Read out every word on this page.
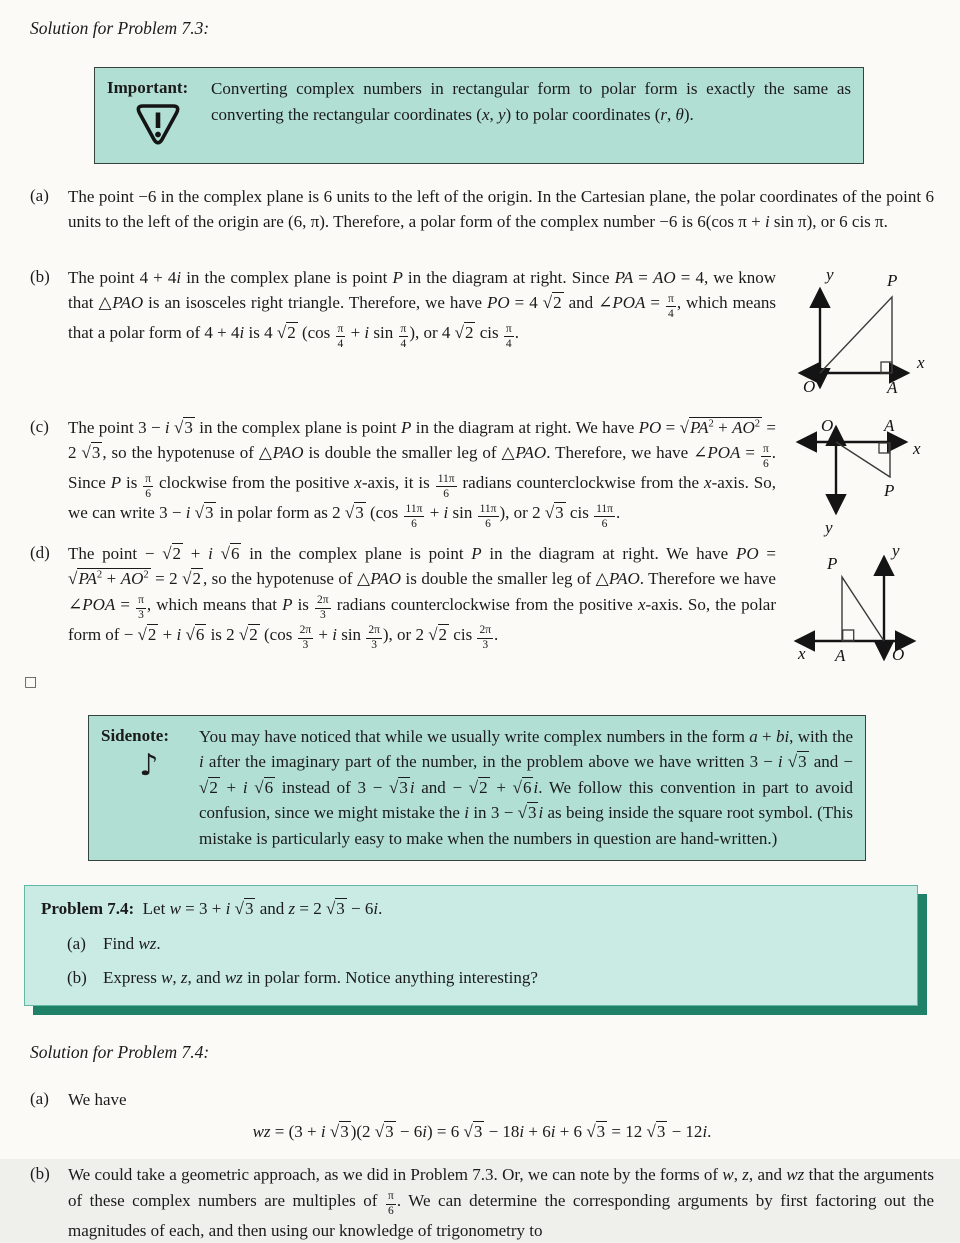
Solution for Problem 7.3:
Important:	Converting complex numbers in rectangular form to polar form is exactly the same as converting the rectangular coordinates (x, y) to polar coordinates (r, θ).
(a)	The point −6 in the complex plane is 6 units to the left of the origin. In the Cartesian plane, the polar coordinates of the point 6 units to the left of the origin are (6, π). Therefore, a polar form of the complex number −6 is 6(cos π + i sin π), or 6 cis π.
(b)	The point 4 + 4i in the complex plane is point P in the diagram at right. Since PA = AO = 4, we know that △PAO is an isosceles right triangle. Therefore, we have PO = 4 √2 and ∠POA = $\frac{\pi}{4}$ , which means that a polar form of 4 + 4i is 4 √2 ($\cos \frac{\pi}{4} + i$ $\sin \frac{\pi}{4}$ ), or 4 √2 cis $\frac{\pi}{4}$ .
y
x
O	A
P
(c)	The point 3 − i √3 in the complex plane is point P in the diagram at right. We have PO = $√PA^2 + AO^2 = 2$ √3 , so the hypotenuse of △PAO is double the smaller leg of △PAO. Therefore, we have ∠POA = $\frac{\pi}{6}$ . Since P is $\frac{\pi}{6}$ clockwise from the positive x-axis, it is $\frac{11\pi}{6}$ radians counterclockwise from the x-axis. So, we can write 3 − i √3 in polar form as 2 √3 ($\cos \frac{11\pi}{6} + i$ $\sin \frac{11\pi}{6}$ ), or 2 √3 cis $\frac{11\pi}{6}$ .
O	A
x
P
y
(d)	The point − √2 + i √6 in the complex plane is point P in the diagram at right. We have PO = $√PA^2 + AO^2 = 2$ √2 , so the hypotenuse of △PAO is double the smaller leg of △PAO. Therefore we have ∠POA = $\frac{\pi}{3}$ , which means that P is $\frac{2\pi}{3}$ radians counterclockwise from the positive x-axis. So, the polar form of − √2 + i √6 is 2 √2 ($\cos \frac{2\pi}{3} + i$ $\sin \frac{2\pi}{3}$ ), or 2 √2 cis $\frac{2\pi}{3}$ .
y
x	O
A
P
□
Sidenote:
♪
You may have noticed that while we usually write complex numbers in the form a + bi, with the i after the imaginary part of the number, in the problem above we have written 3 − i √3 and − √2 + i √6 instead of 3 − √3 i and − √2 + √6 i. We follow this convention in part to avoid confusion, since we might mistake the i in 3 − √3 i as being inside the square root symbol. (This mistake is particularly easy to make when the numbers in question are hand-written.)
Problem 7.4: Let w = 3 + i √3 and z = 2 √3 − 6i.
(a)	Find wz.
(b) Express w, z, and wz in polar form. Notice anything interesting?
Solution for Problem 7.4:
(a)	We have
wz = (3 + i √3 )(2 √3 − 6i) = 6 √3 − 18i + 6i + 6 √3 = 12 √3 − 12i.
(b)	We could take a geometric approach, as we did in Problem 7.3. Or, we can note by the forms of w, z, and wz that the arguments of these complex numbers are multiples of $\frac{\pi}{6}$ . We can determine the corresponding arguments by first factoring out the magnitudes of each, and then using our knowledge of trigonometry to
